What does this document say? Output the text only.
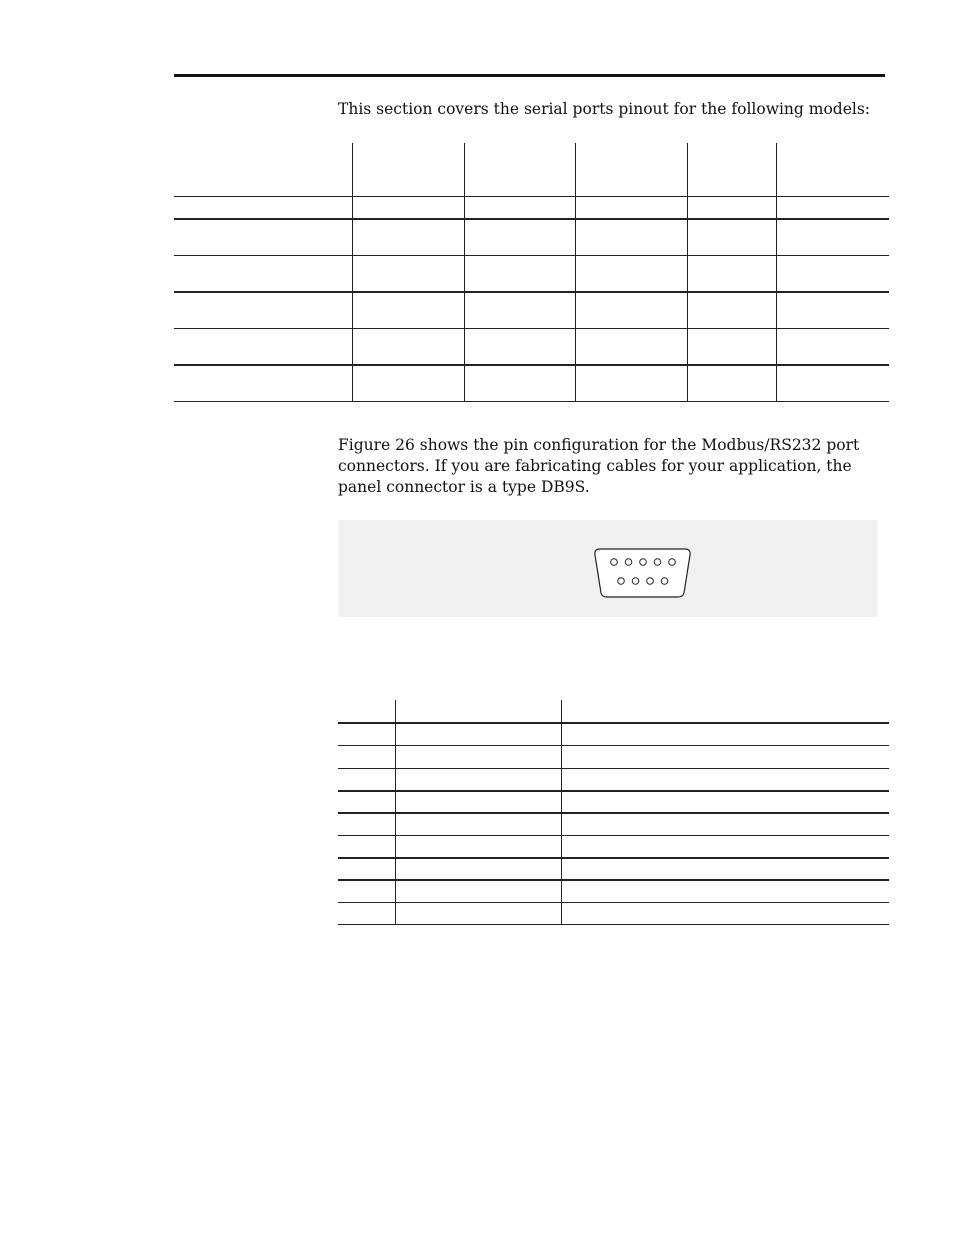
This section covers the serial ports pinout for the following models:

Figure 26 shows the pin configuration for the Modbus/RS232 port connectors. If you are fabricating cables for your application, the panel connector is a type DB9S.
